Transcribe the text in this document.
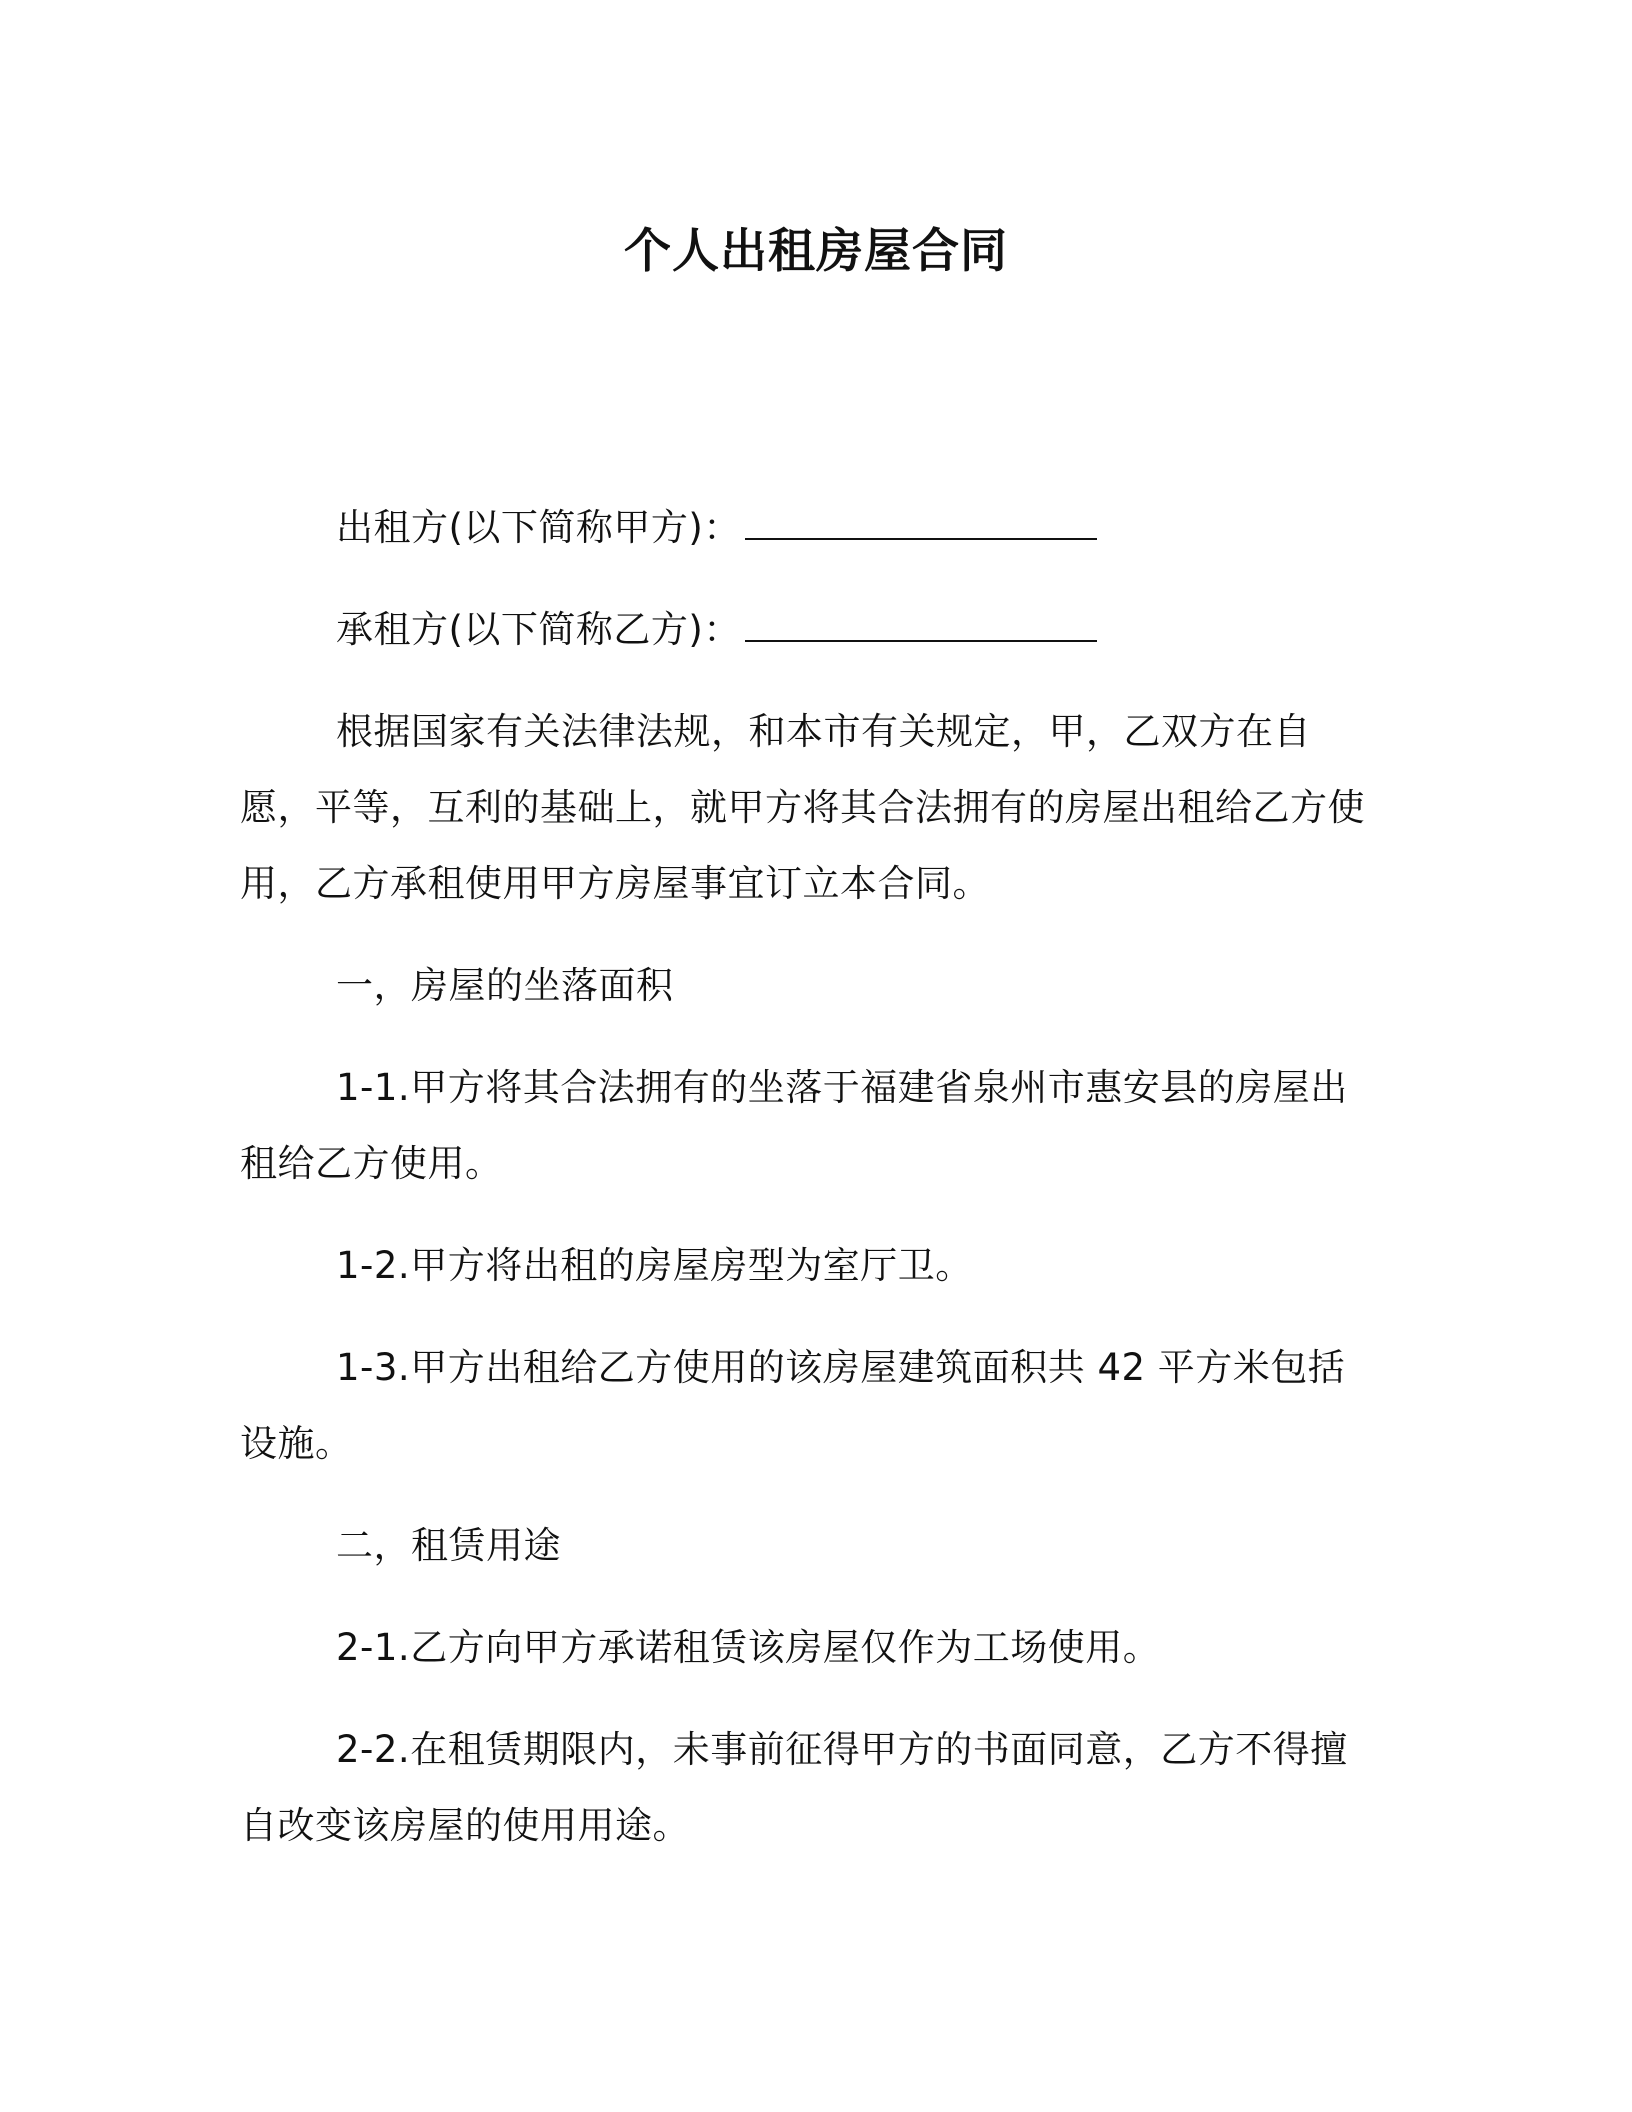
个人出租房屋合同

出租方(以下简称甲方)：

承租方(以下简称乙方)：

根据国家有关法律法规，和本市有关规定，甲，乙双方在自愿，平等，互利的基础上，就甲方将其合法拥有的房屋出租给乙方使用，乙方承租使用甲方房屋事宜订立本合同。

一，房屋的坐落面积

1-1.甲方将其合法拥有的坐落于福建省泉州市惠安县的房屋出租给乙方使用。

1-2.甲方将出租的房屋房型为室厅卫。

1-3.甲方出租给乙方使用的该房屋建筑面积共 42 平方米包括设施。

二，租赁用途

2-1.乙方向甲方承诺租赁该房屋仅作为工场使用。

2-2.在租赁期限内，未事前征得甲方的书面同意，乙方不得擅自改变该房屋的使用用途。
